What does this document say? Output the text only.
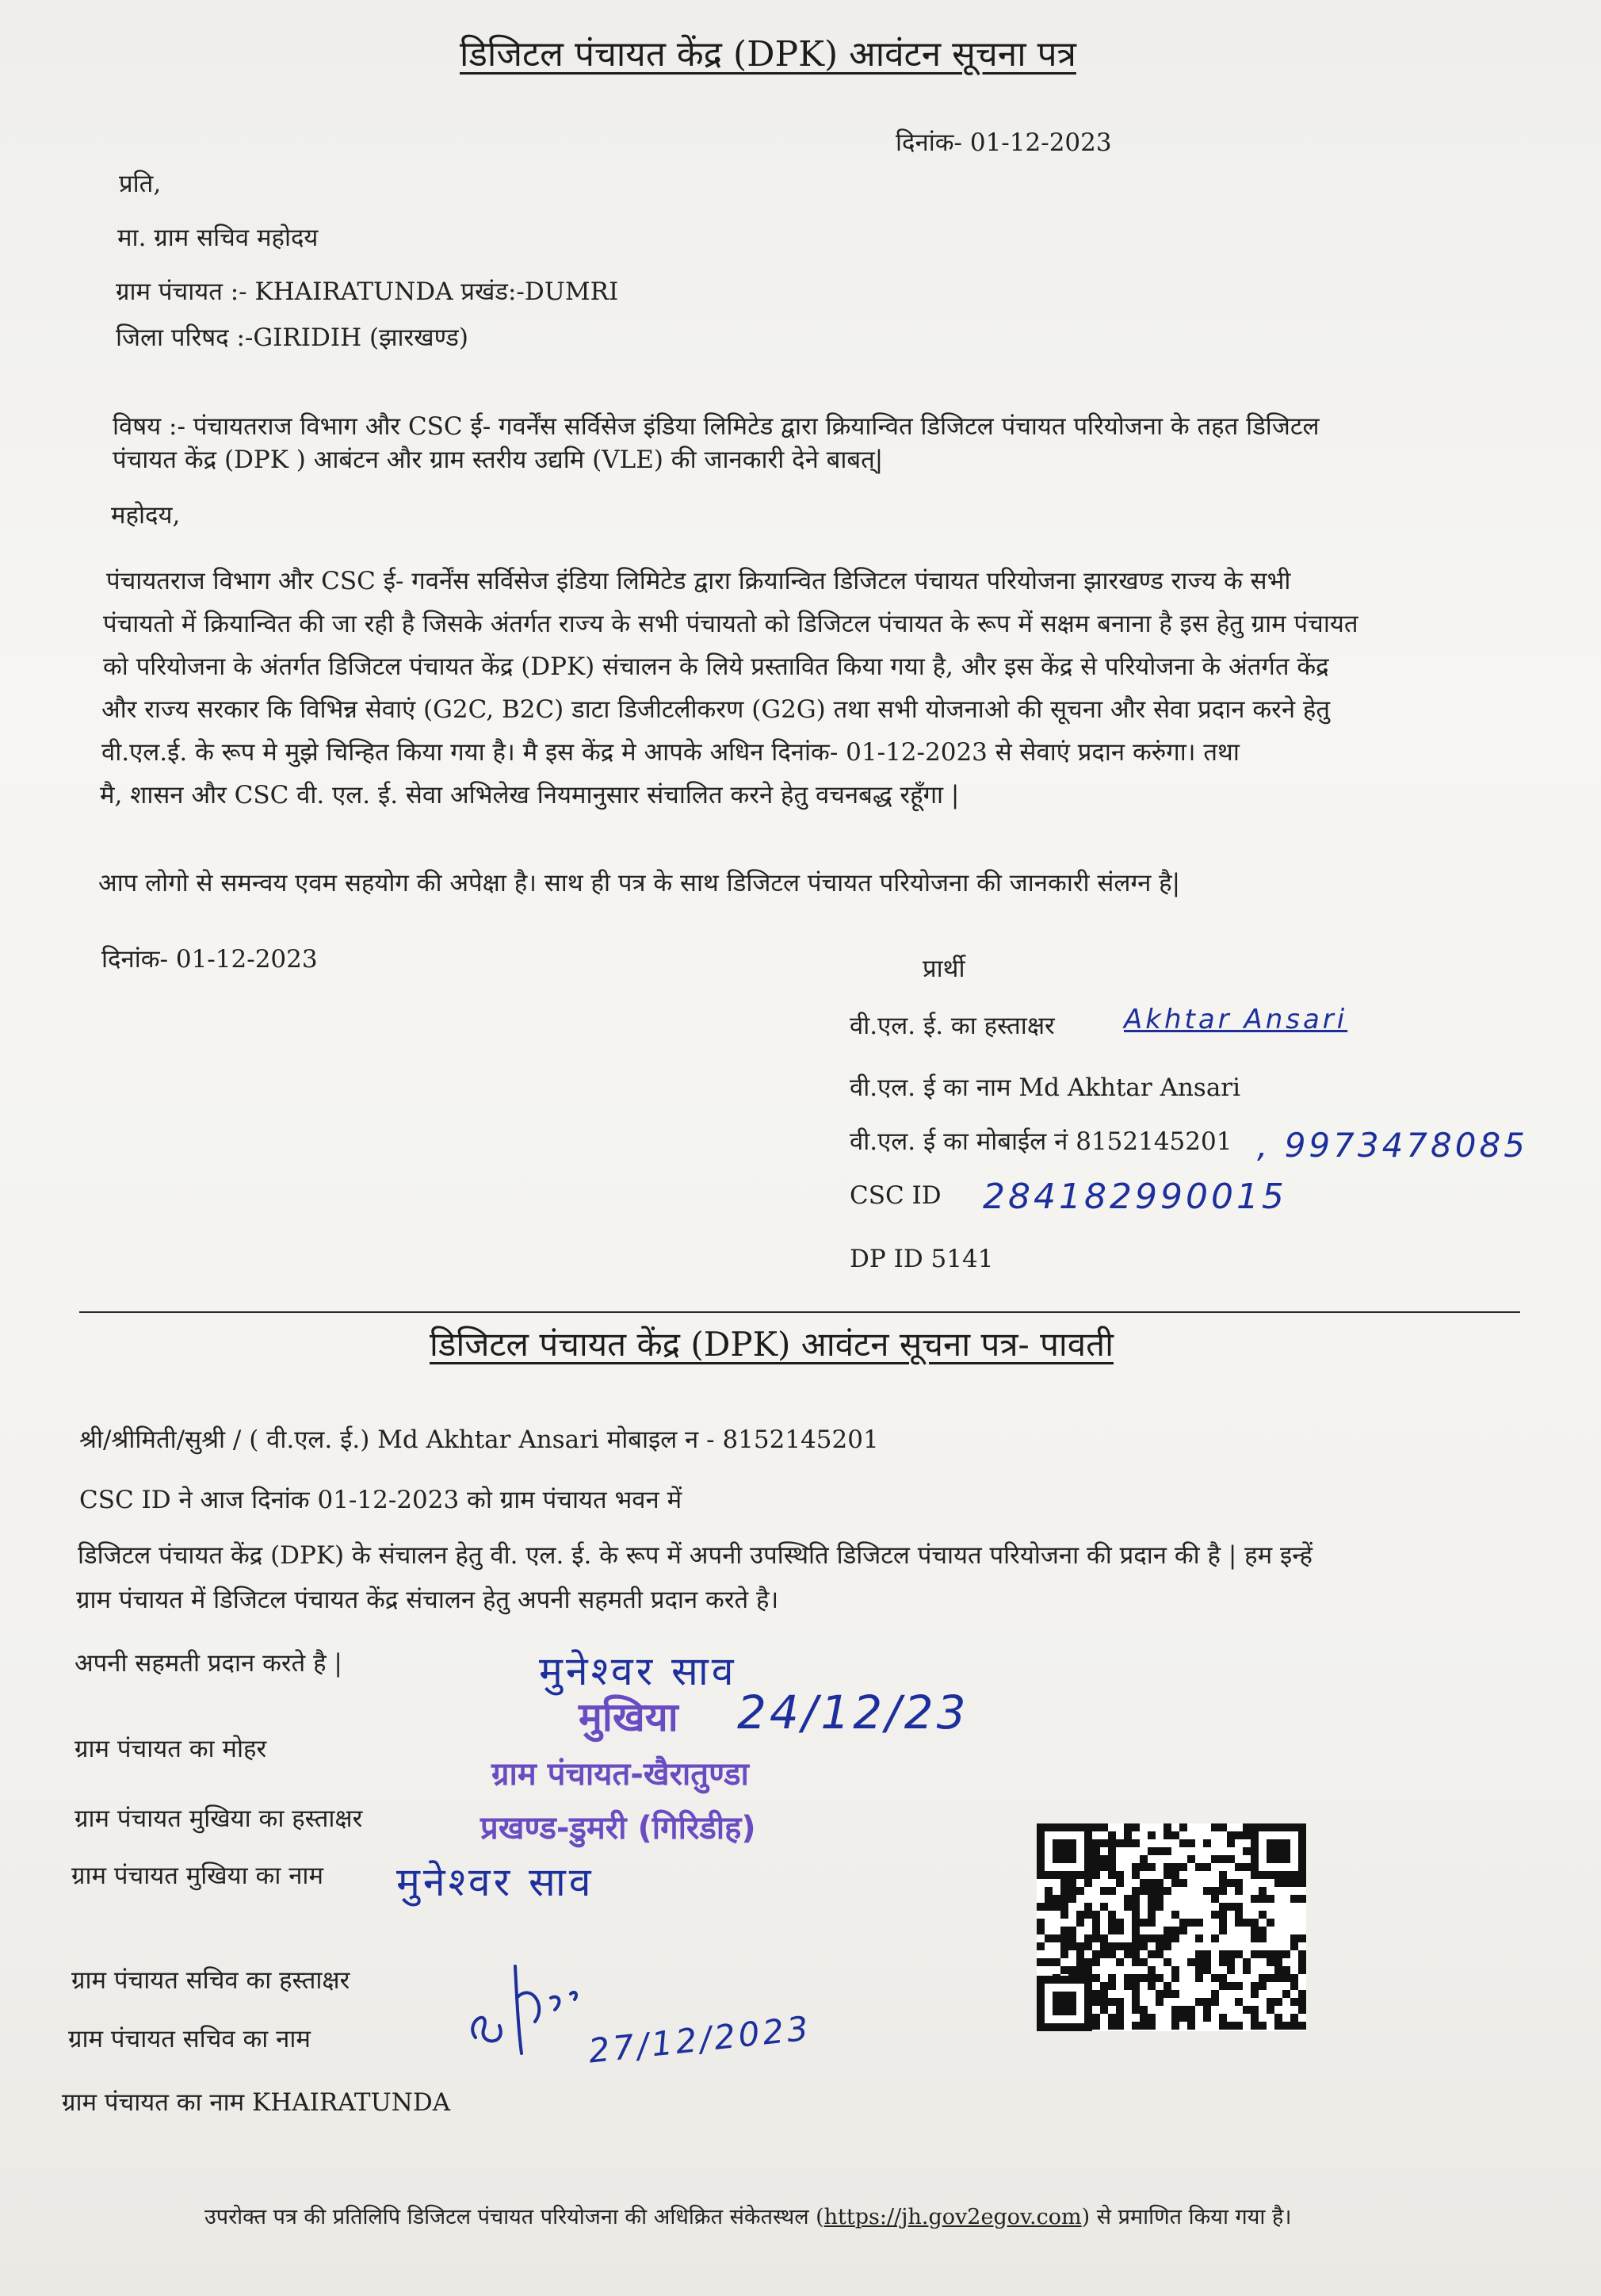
डिजिटल पंचायत केंद्र (DPK) आवंटन सूचना पत्र
दिनांक- 01-12-2023
प्रति,
मा. ग्राम सचिव महोदय
ग्राम पंचायत :- KHAIRATUNDA प्रखंड:-DUMRI
जिला परिषद :-GIRIDIH (झारखण्ड)
विषय :- पंचायतराज विभाग और CSC ई- गवर्नेंस सर्विसेज इंडिया लिमिटेड द्वारा क्रियान्वित डिजिटल पंचायत परियोजना के तहत डिजिटल
पंचायत केंद्र (DPK ) आबंटन और ग्राम स्तरीय उद्यमि (VLE) की जानकारी देने बाबत्|
महोदय,
पंचायतराज विभाग और CSC ई- गवर्नेंस सर्विसेज इंडिया लिमिटेड द्वारा क्रियान्वित डिजिटल पंचायत परियोजना झारखण्ड राज्य के सभी
पंचायतो में क्रियान्वित की जा रही है जिसके अंतर्गत राज्य के सभी पंचायतो को डिजिटल पंचायत के रूप में सक्षम बनाना है इस हेतु ग्राम पंचायत
को परियोजना के अंतर्गत डिजिटल पंचायत केंद्र (DPK) संचालन के लिये प्रस्तावित किया गया है, और इस केंद्र से परियोजना के अंतर्गत केंद्र
और राज्य सरकार कि विभिन्न सेवाएं (G2C, B2C) डाटा डिजीटलीकरण (G2G) तथा सभी योजनाओ की सूचना और सेवा प्रदान करने हेतु
वी.एल.ई. के रूप मे मुझे चिन्हित किया गया है। मै इस केंद्र मे आपके अधिन दिनांक- 01-12-2023 से सेवाएं प्रदान करुंगा। तथा
मै, शासन और CSC वी. एल. ई. सेवा अभिलेख नियमानुसार संचालित करने हेतु वचनबद्ध रहूँगा |
आप लोगो से समन्वय एवम सहयोग की अपेक्षा है। साथ ही पत्र के साथ डिजिटल पंचायत परियोजना की जानकारी संलग्न है|
दिनांक- 01-12-2023	प्रार्थी
वी.एल. ई. का हस्ताक्षर	Akhtar Ansari
वी.एल. ई का नाम Md Akhtar Ansari
वी.एल. ई का मोबाईल नं 8152145201 , 9973478085
CSC ID 284182990015
DP ID 5141
डिजिटल पंचायत केंद्र (DPK) आवंटन सूचना पत्र- पावती
श्री/श्रीमिती/सुश्री / ( वी.एल. ई.) Md Akhtar Ansari मोबाइल न - 8152145201
CSC ID ने आज दिनांक 01-12-2023 को ग्राम पंचायत भवन में
डिजिटल पंचायत केंद्र (DPK) के संचालन हेतु वी. एल. ई. के रूप में अपनी उपस्थिति डिजिटल पंचायत परियोजना की प्रदान की है | हम इन्हें
ग्राम पंचायत में डिजिटल पंचायत केंद्र संचालन हेतु अपनी सहमती प्रदान करते है।
अपनी सहमती प्रदान करते है |
ग्राम पंचायत का मोहर
ग्राम पंचायत मुखिया का हस्ताक्षर
ग्राम पंचायत मुखिया का नाम
ग्राम पंचायत सचिव का हस्ताक्षर
ग्राम पंचायत सचिव का नाम
ग्राम पंचायत का नाम KHAIRATUNDA
मुनेश्वर साव
मुखिया 24/12/23
ग्राम पंचायत-खैरातुण्डा
प्रखण्ड-डुमरी (गिरिडीह)
मुनेश्वर साव
27/12/2023
उपरोक्त पत्र की प्रतिलिपि डिजिटल पंचायत परियोजना की अधिक्रित संकेतस्थल (https://jh.gov2egov.com) से प्रमाणित किया गया है।
